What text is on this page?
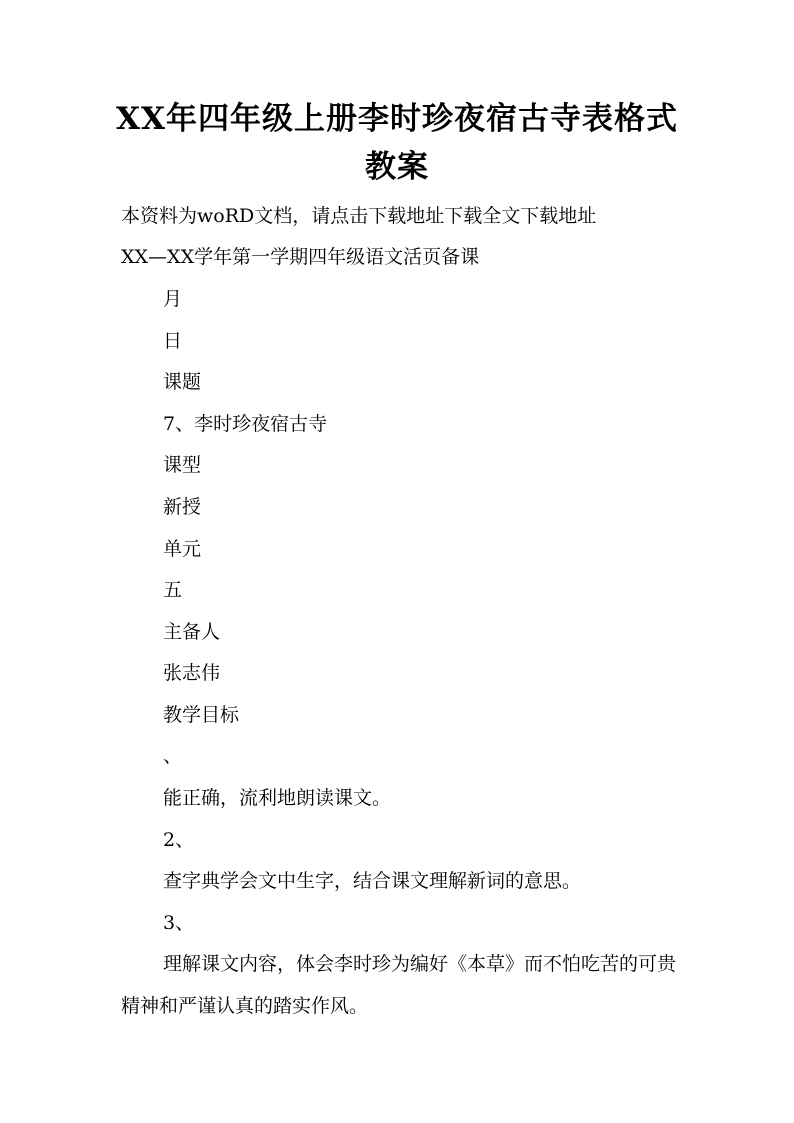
XX年四年级上册李时珍夜宿古寺表格式
教案

本资料为woRD文档，请点击下载地址下载全文下载地址

XX—XX学年第一学期四年级语文活页备课

月

日

课题

7、李时珍夜宿古寺

课型

新授

单元

五

主备人

张志伟

教学目标

、

能正确，流利地朗读课文。

2、

查字典学会文中生字，结合课文理解新词的意思。

3、

理解课文内容，体会李时珍为编好《本草》而不怕吃苦的可贵精神和严谨认真的踏实作风。
